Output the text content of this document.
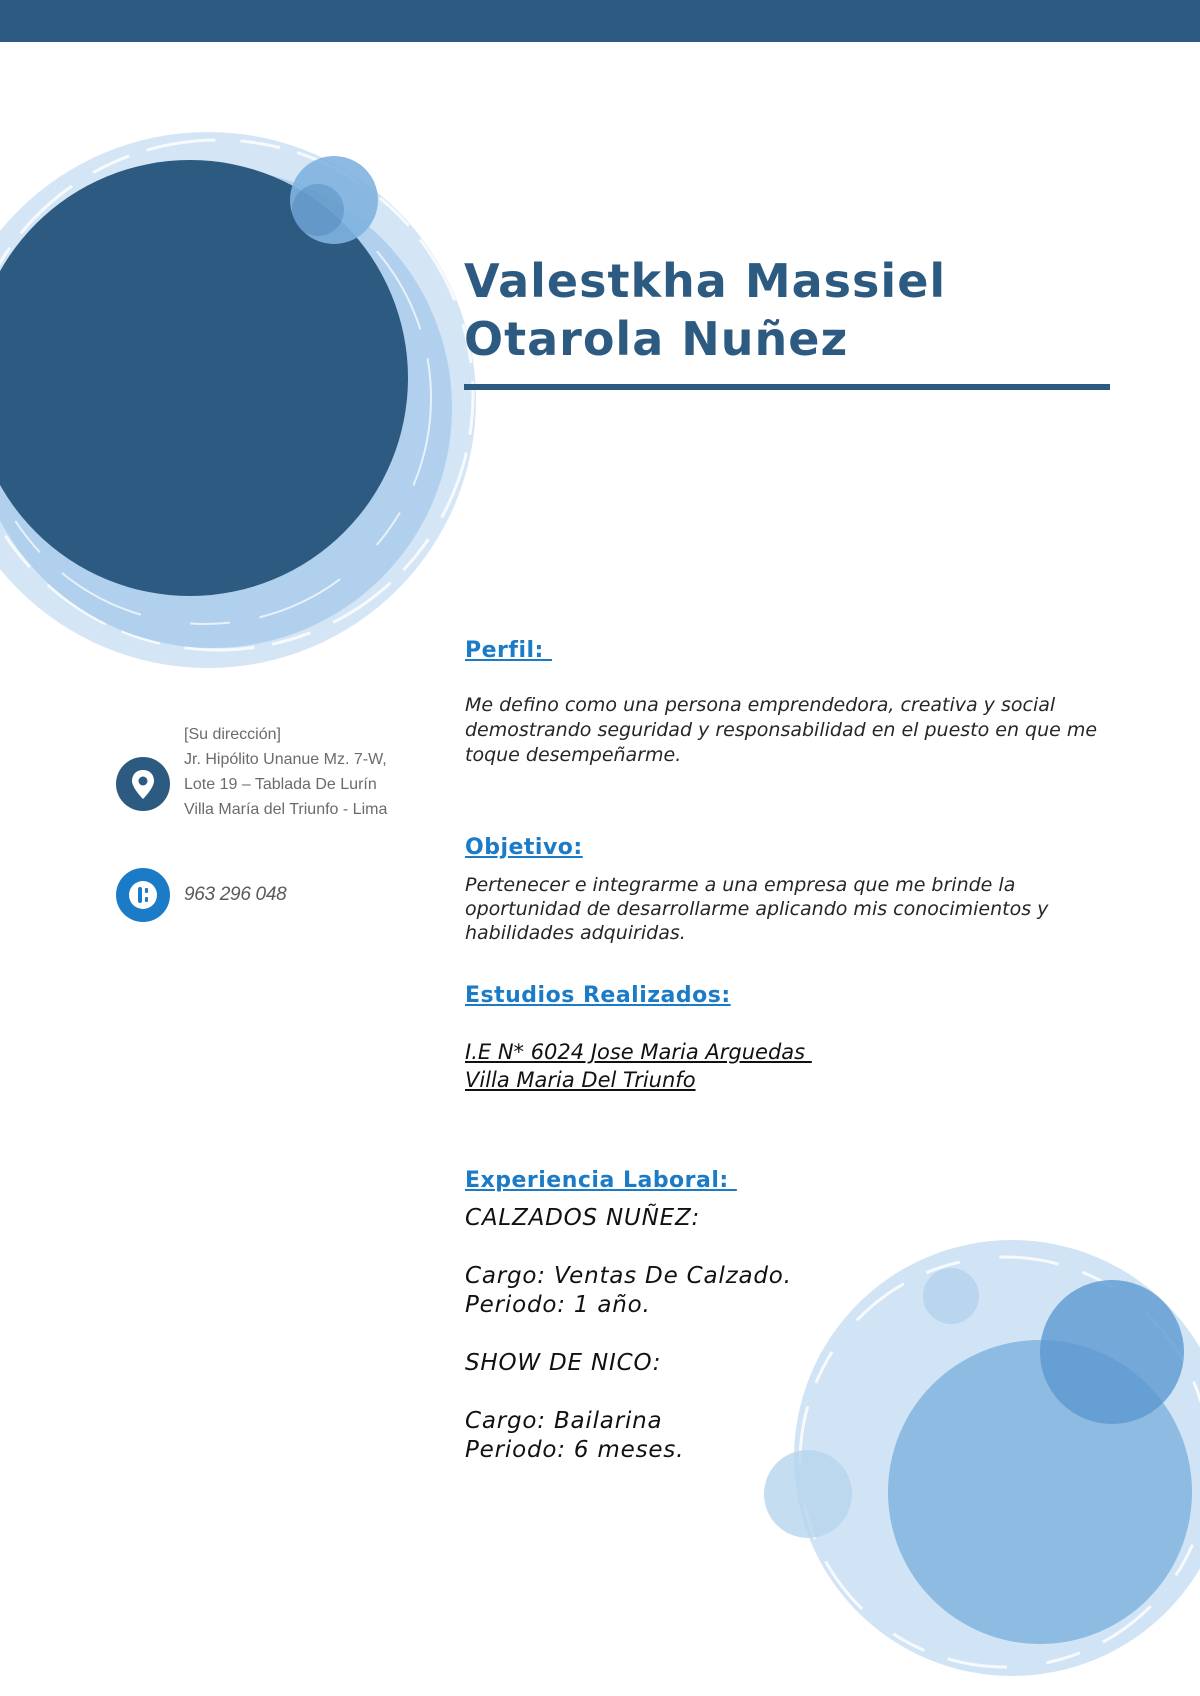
Valestkha Massiel
Otarola Nuñez
[Su dirección]
Jr. Hipólito Unanue Mz. 7-W, Lote 19 – Tablada De Lurín Villa María del Triunfo - Lima
963 296 048
Perfil:

Me defino como una persona emprendedora, creativa y social demostrando seguridad y responsabilidad en el puesto en que me toque desempeñarme.

Objetivo:

Pertenecer e integrarme a una empresa que me brinde la oportunidad de desarrollarme aplicando mis conocimientos y habilidades adquiridas.

Estudios Realizados:
I.E N* 6024 Jose Maria Arguedas
Villa Maria Del Triunfo
Experiencia Laboral:
CALZADOS NUÑEZ:
Cargo: Ventas De Calzado.
Periodo: 1 año.
SHOW DE NICO:
Cargo: Bailarina
Periodo: 6 meses.
